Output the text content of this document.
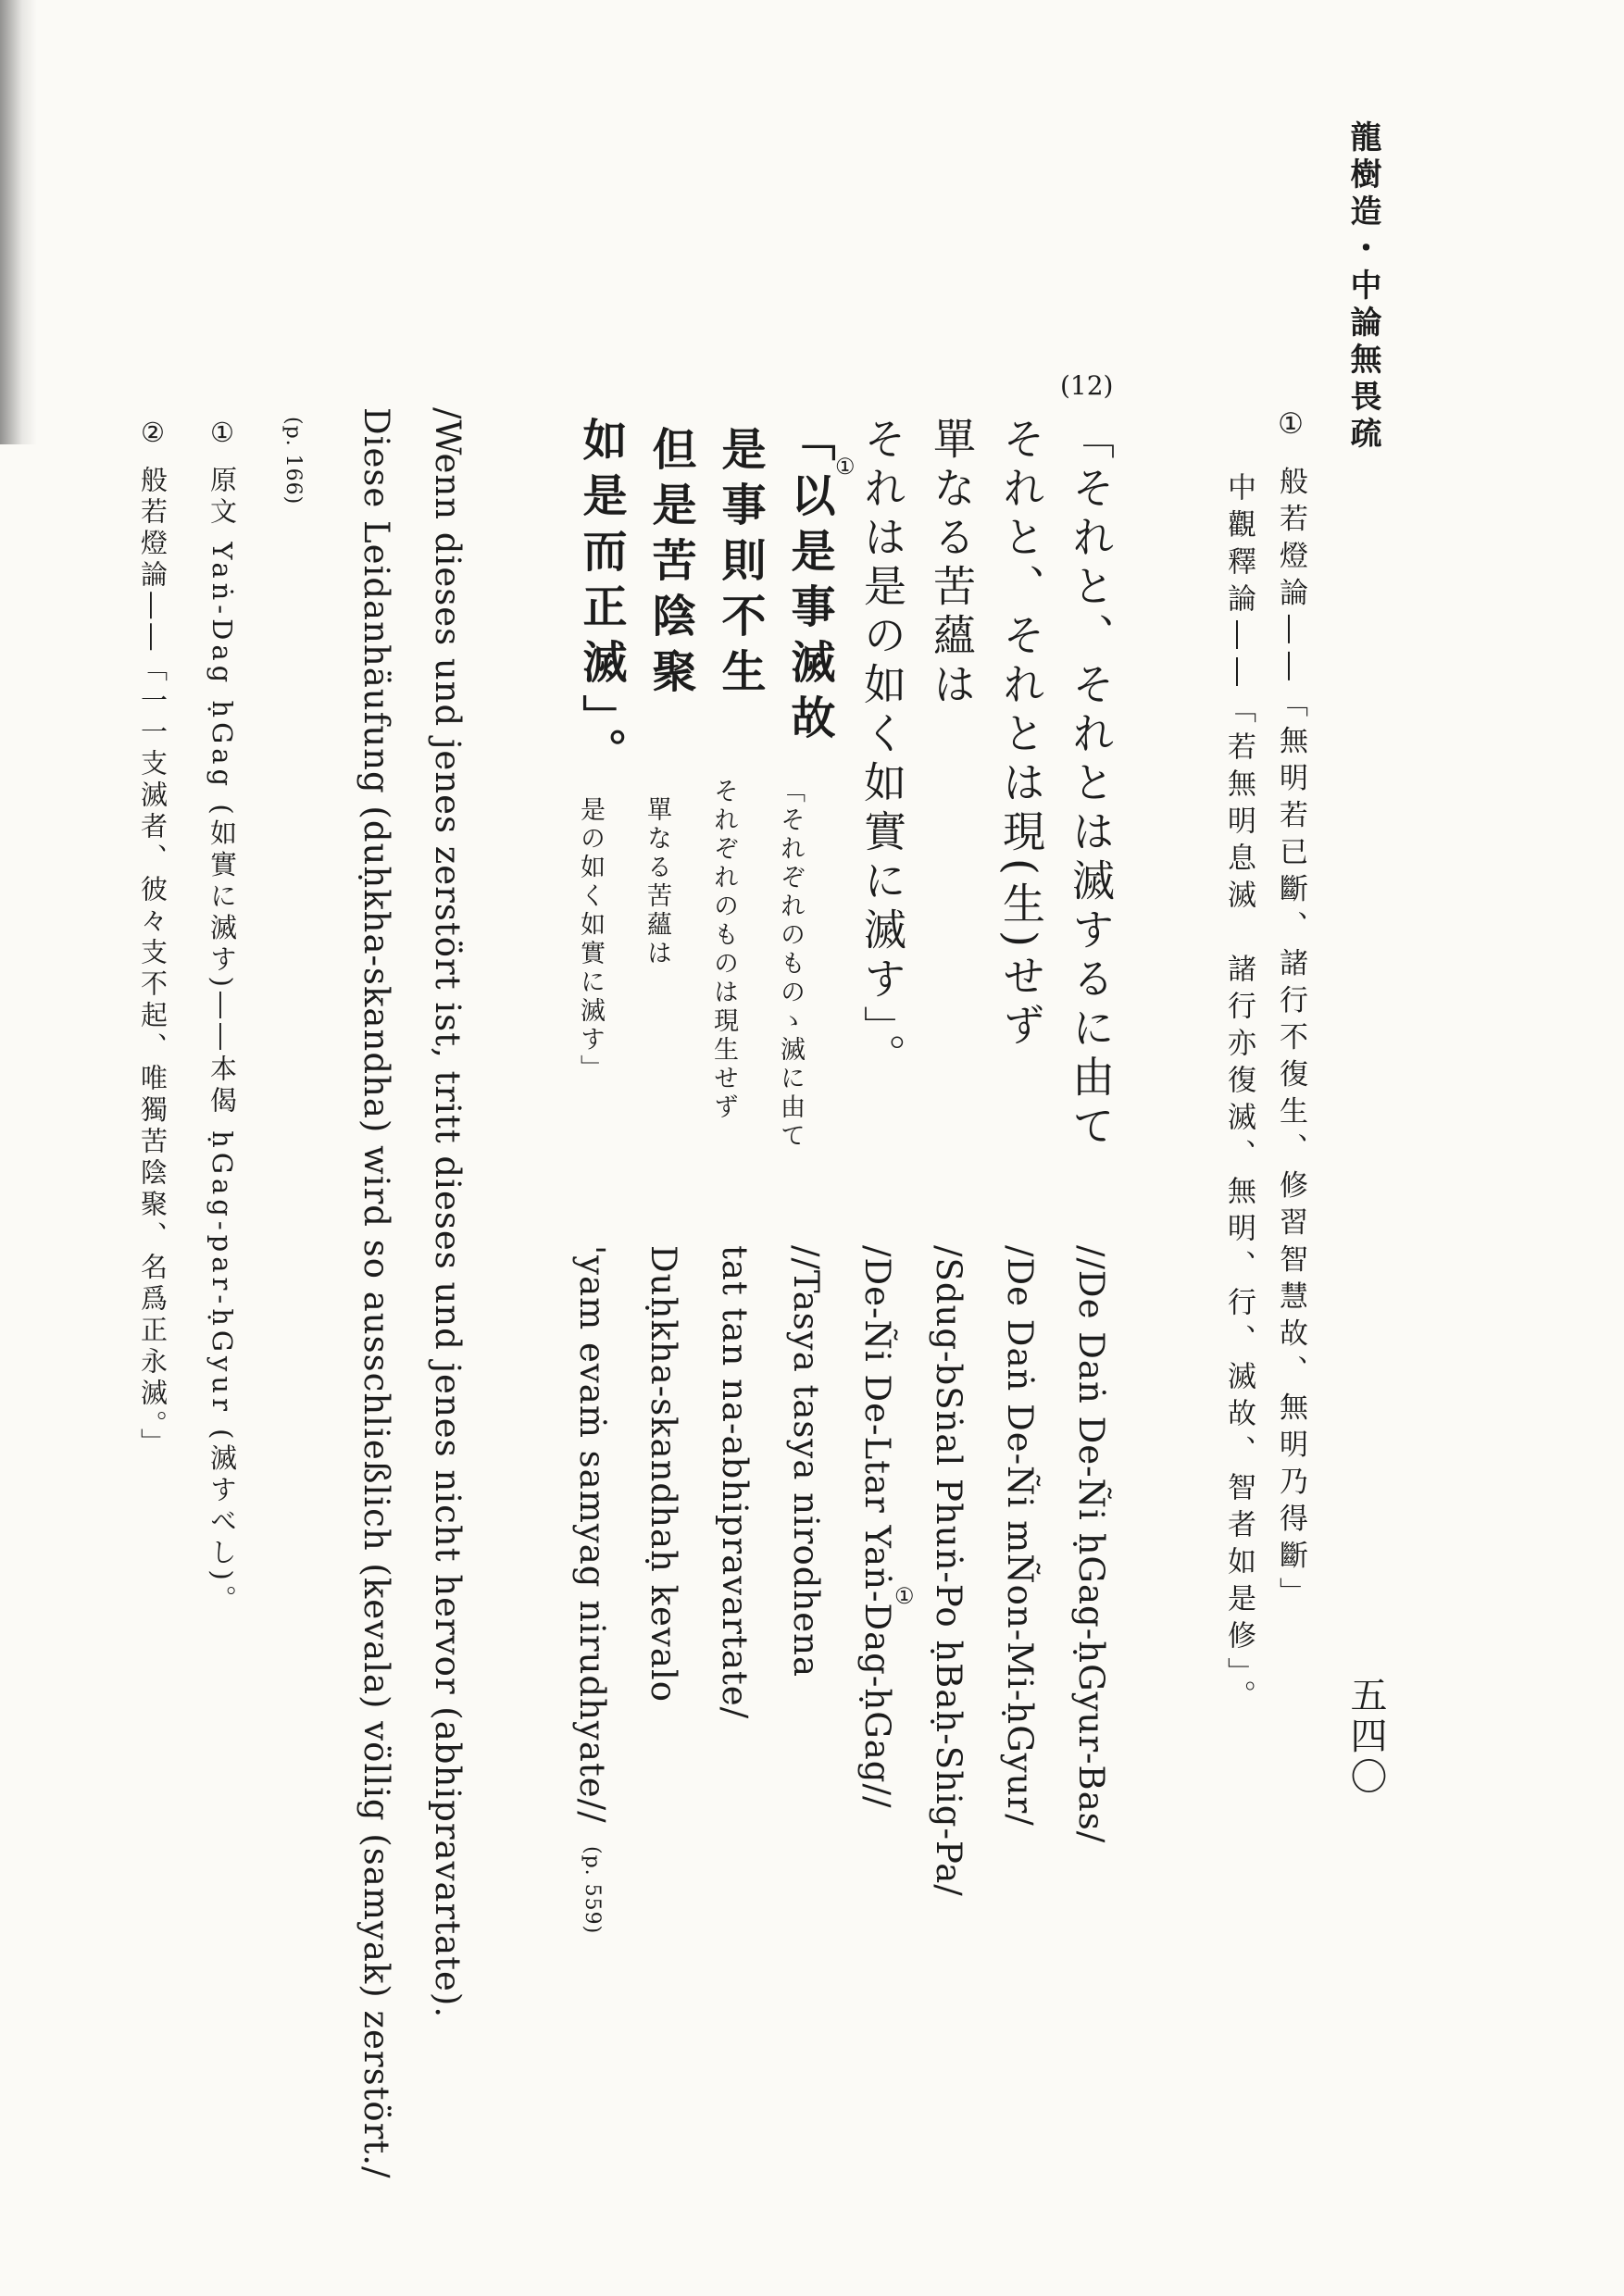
龍樹造・中論無畏疏
五四〇
① 般若燈論――「無明若已斷、諸行不復生、修習智慧故、無明乃得斷」
中觀釋論――「若無明息滅　諸行亦復滅、無明、行、滅故、智者如是修」。
(12)
「それと、それとは滅するに由て
それと、それとは現(生)せず
單なる苦蘊は
それは是の如く如實に滅す」。
①
「以是事滅故
是事則不生
但是苦陰聚
如是而正滅」。
「それぞれのものゝ滅に由て
それぞれのものは現生せず
單なる苦蘊は
是の如く如實に滅す」
//De Daṅ De-Ñi ḥGag-ḥGyur-Bas/
/De Daṅ De-Ñi mÑon-Mi-ḥGyur/
/Sdug-bSṅal Phuṅ-Po ḥBaḥ-Shig-Pa/
①
/De-Ñi De-Ltar Yaṅ-Dag-ḥGag//
//Tasya tasya nirodhena
tat tan na-abhipravartate/
Duḥkha-skandhaḥ kevalo
'yam evaṁ samyag nirudhyate// (p. 559)
(p. 166)	/Wenn dieses und jenes zerstört ist, tritt dieses und jenes nicht hervor (abhipravartate).
Diese Leidanhäufung (duḥkha-skandha) wird so ausschließlich (kevala) völlig (samyak) zerstört./
① 原文 Yaṅ-Dag ḥGag (如實に滅す)――本偈 ḥGag-par-ḥGyur (滅すべし)。
② 般若燈論――「一一支滅者、彼々支不起、唯獨苦陰聚、名爲正永滅。」
